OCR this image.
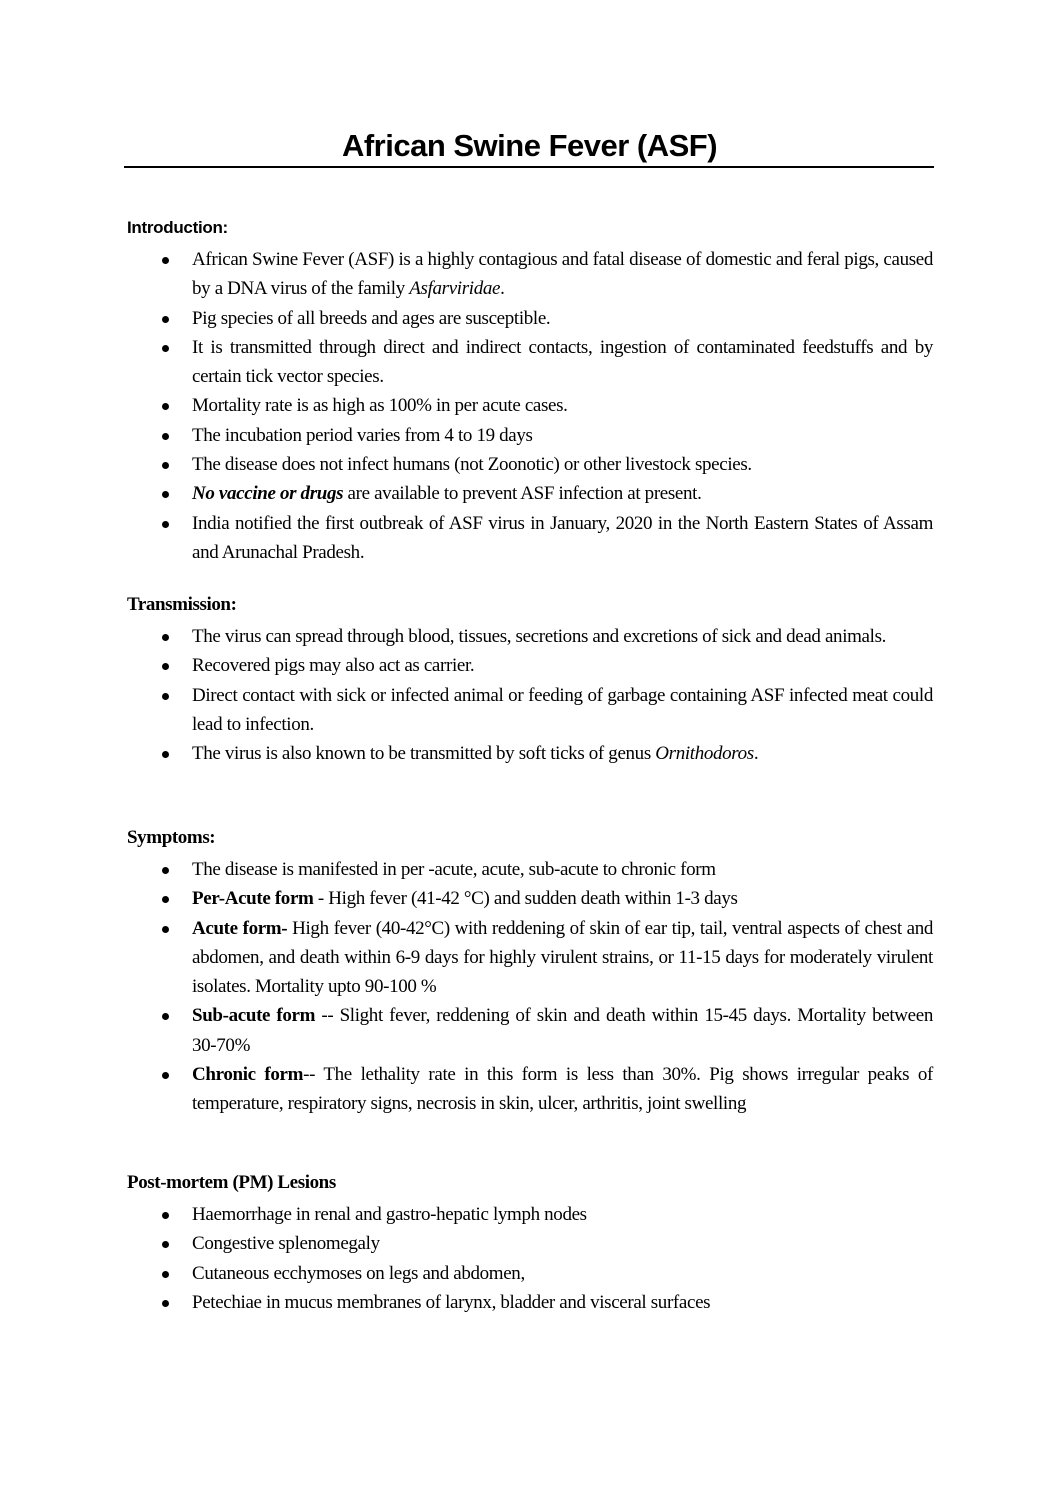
African Swine Fever (ASF)
Introduction:
African Swine Fever (ASF) is a highly contagious and fatal disease of domestic and feral pigs, caused by a DNA virus of the family Asfarviridae.
Pig species of all breeds and ages are susceptible.
It is transmitted through direct and indirect contacts, ingestion of contaminated feedstuffs and by certain tick vector species.
Mortality rate is as high as 100% in per acute cases.
The incubation period varies from 4 to 19 days
The disease does not infect humans (not Zoonotic) or other livestock species.
No vaccine or drugs are available to prevent ASF infection at present.
India notified the first outbreak of ASF virus in January, 2020 in the North Eastern States of Assam and Arunachal Pradesh.
Transmission:
The virus can spread through blood, tissues, secretions and excretions of sick and dead animals.
Recovered pigs may also act as carrier.
Direct contact with sick or infected animal or feeding of garbage containing ASF infected meat could lead to infection.
The virus is also known to be transmitted by soft ticks of genus Ornithodoros.
Symptoms:
The disease is manifested in per -acute, acute, sub-acute to chronic form
Per-Acute form - High fever (41-42 °C) and sudden death within 1-3 days
Acute form- High fever (40-42°C) with reddening of skin of ear tip, tail, ventral aspects of chest and abdomen, and death within 6-9 days for highly virulent strains, or 11-15 days for moderately virulent isolates. Mortality upto 90-100 %
Sub-acute form -- Slight fever, reddening of skin and death within 15-45 days. Mortality between 30-70%
Chronic form-- The lethality rate in this form is less than 30%. Pig shows irregular peaks of temperature, respiratory signs, necrosis in skin, ulcer, arthritis, joint swelling
Post-mortem (PM) Lesions
Haemorrhage in renal and gastro-hepatic lymph nodes
Congestive splenomegaly
Cutaneous ecchymoses on legs and abdomen,
Petechiae in mucus membranes of larynx, bladder and visceral surfaces
